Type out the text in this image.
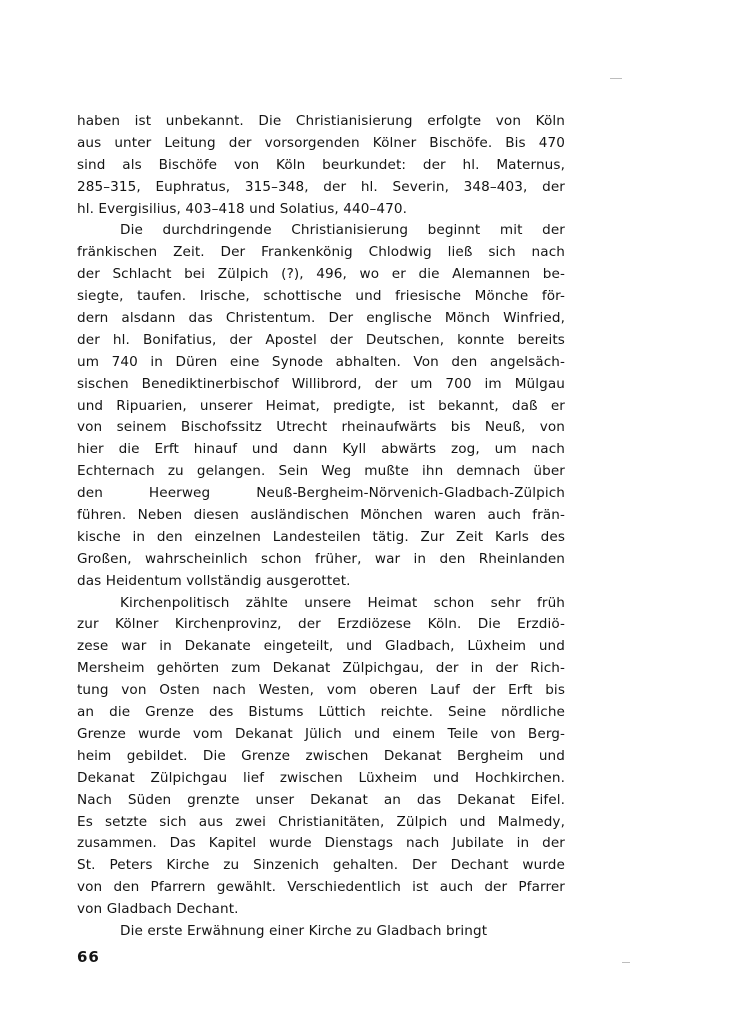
haben ist unbekannt. Die Christianisierung erfolgte von Köln
aus unter Leitung der vorsorgenden Kölner Bischöfe. Bis 470
sind als Bischöfe von Köln beurkundet: der hl. Maternus,
285–315, Euphratus, 315–348, der hl. Severin, 348–403, der
hl. Evergisilius, 403–418 und Solatius, 440–470.
Die durchdringende Christianisierung beginnt mit der
fränkischen Zeit. Der Frankenkönig Chlodwig ließ sich nach
der Schlacht bei Zülpich (?), 496, wo er die Alemannen be-
siegte, taufen. Irische, schottische und friesische Mönche för-
dern alsdann das Christentum. Der englische Mönch Winfried,
der hl. Bonifatius, der Apostel der Deutschen, konnte bereits
um 740 in Düren eine Synode abhalten. Von den angelsäch-
sischen Benediktinerbischof Willibrord, der um 700 im Mülgau
und Ripuarien, unserer Heimat, predigte, ist bekannt, daß er
von seinem Bischofssitz Utrecht rheinaufwärts bis Neuß, von
hier die Erft hinauf und dann Kyll abwärts zog, um nach
Echternach zu gelangen. Sein Weg mußte ihn demnach über
den Heerweg Neuß-Bergheim-Nörvenich-Gladbach-Zülpich
führen. Neben diesen ausländischen Mönchen waren auch frän-
kische in den einzelnen Landesteilen tätig. Zur Zeit Karls des
Großen, wahrscheinlich schon früher, war in den Rheinlanden
das Heidentum vollständig ausgerottet.
Kirchenpolitisch zählte unsere Heimat schon sehr früh
zur Kölner Kirchenprovinz, der Erzdiözese Köln. Die Erzdiö-
zese war in Dekanate eingeteilt, und Gladbach, Lüxheim und
Mersheim gehörten zum Dekanat Zülpichgau, der in der Rich-
tung von Osten nach Westen, vom oberen Lauf der Erft bis
an die Grenze des Bistums Lüttich reichte. Seine nördliche
Grenze wurde vom Dekanat Jülich und einem Teile von Berg-
heim gebildet. Die Grenze zwischen Dekanat Bergheim und
Dekanat Zülpichgau lief zwischen Lüxheim und Hochkirchen.
Nach Süden grenzte unser Dekanat an das Dekanat Eifel.
Es setzte sich aus zwei Christianitäten, Zülpich und Malmedy,
zusammen. Das Kapitel wurde Dienstags nach Jubilate in der
St. Peters Kirche zu Sinzenich gehalten. Der Dechant wurde
von den Pfarrern gewählt. Verschiedentlich ist auch der Pfarrer
von Gladbach Dechant.
Die erste Erwähnung einer Kirche zu Gladbach bringt
66
